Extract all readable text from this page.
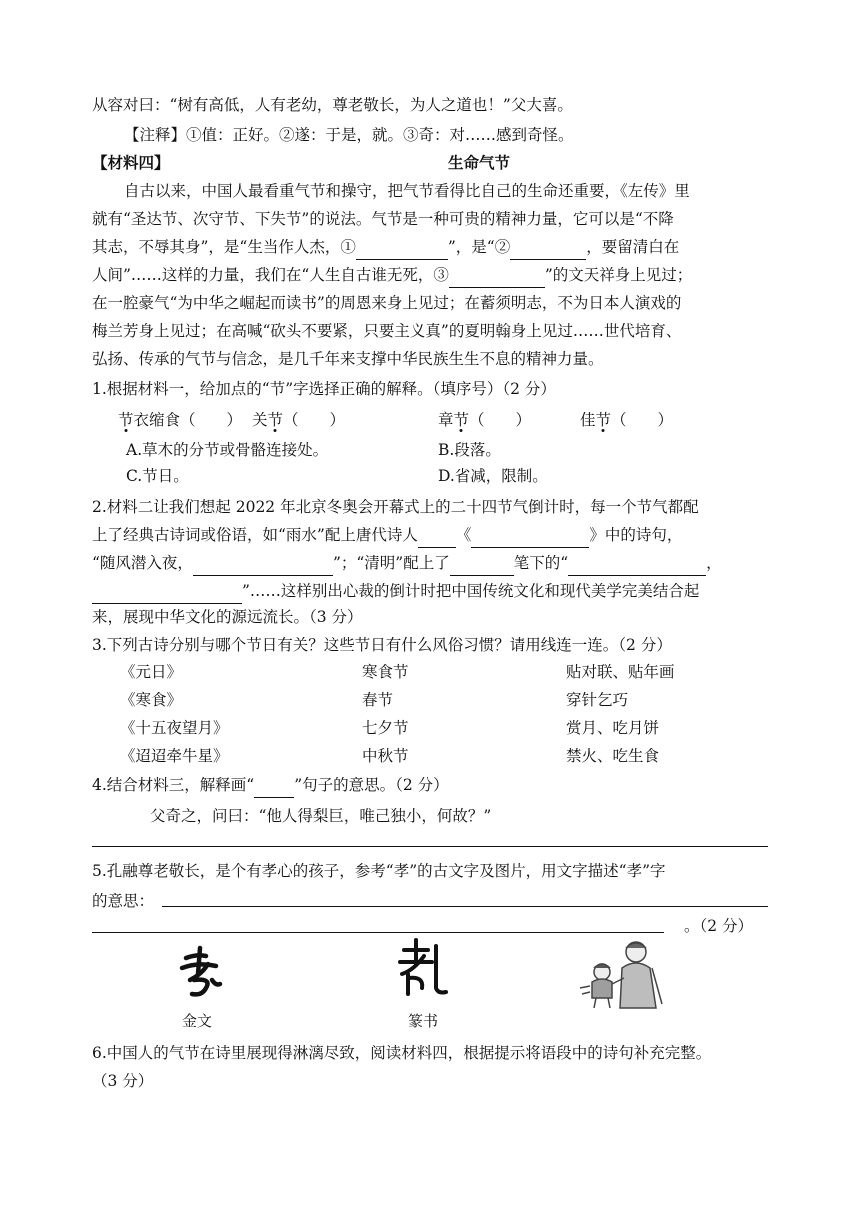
从容对曰：“树有高低，人有老幼，尊老敬长，为人之道也！”父大喜。
【注释】①值：正好。②遂：于是，就。③奇：对……感到奇怪。
【材料四】	生命气节
自古以来，中国人最看重气节和操守，把气节看得比自己的生命还重要，《左传》里
就有“圣达节、次守节、下失节”的说法。气节是一种可贵的精神力量，它可以是“不降
其志，不辱其身”，是“生当作人杰，①	”，是“②	，要留清白在
人间”……这样的力量，我们在“人生自古谁无死，③	”的文天祥身上见过；
在一腔豪气“为中华之崛起而读书”的周恩来身上见过；在蓄须明志，不为日本人演戏的
梅兰芳身上见过；在高喊“砍头不要紧，只要主义真”的夏明翰身上见过……世代培育、
弘扬、传承的气节与信念，是几千年来支撑中华民族生生不息的精神力量。
1.根据材料一，给加点的“节”字选择正确的解释。（填序号）（2 分）
节衣缩食（　　） 关节（　　）	章节（　　）	佳节（　　）
A.草木的分节或骨骼连接处。	B.段落。
C.节日。	D.省减，限制。
2.材料二让我们想起 2022 年北京冬奥会开幕式上的二十四节气倒计时，每一个节气都配
上了经典古诗词或俗语，如“雨水”配上唐代诗人 《	》中的诗句，
“随风潜入夜，	”；“清明”配上了	笔下的“	，
”……这样别出心裁的倒计时把中国传统文化和现代美学完美结合起
来，展现中华文化的源远流长。（3 分）
3.下列古诗分别与哪个节日有关？这些节日有什么风俗习惯？请用线连一连。（2 分）
《元日》	寒食节	贴对联、贴年画
《寒食》	春节	穿针乞巧
《十五夜望月》	七夕节	赏月、吃月饼
《迢迢牵牛星》	中秋节	禁火、吃生食
4.结合材料三，解释画“	”句子的意思。（2 分）
父奇之，问曰：“他人得梨巨，唯己独小，何故？”
5.孔融尊老敬长，是个有孝心的孩子，参考“孝”的古文字及图片，用文字描述“孝”字
的意思：
。（2 分）
金文	篆书
6.中国人的气节在诗里展现得淋漓尽致，阅读材料四，根据提示将语段中的诗句补充完整。
（3 分）
